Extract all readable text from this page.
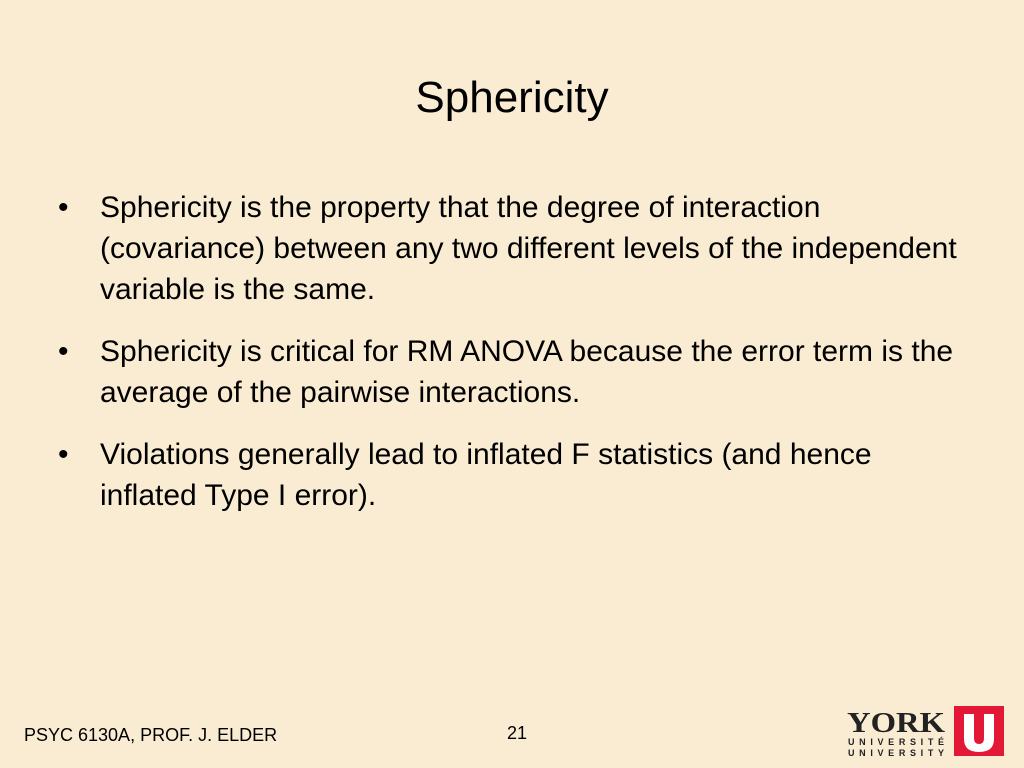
Sphericity
• Sphericity is the property that the degree of interaction (covariance) between any two different levels of the independent variable is the same.
• Sphericity is critical for RM ANOVA because the error term is the average of the pairwise interactions.
• Violations generally lead to inflated F statistics (and hence inflated Type I error).
PSYC 6130A, PROF. J. ELDER	21	YORK
UNIVERSITÉ
UNIVERSITY
